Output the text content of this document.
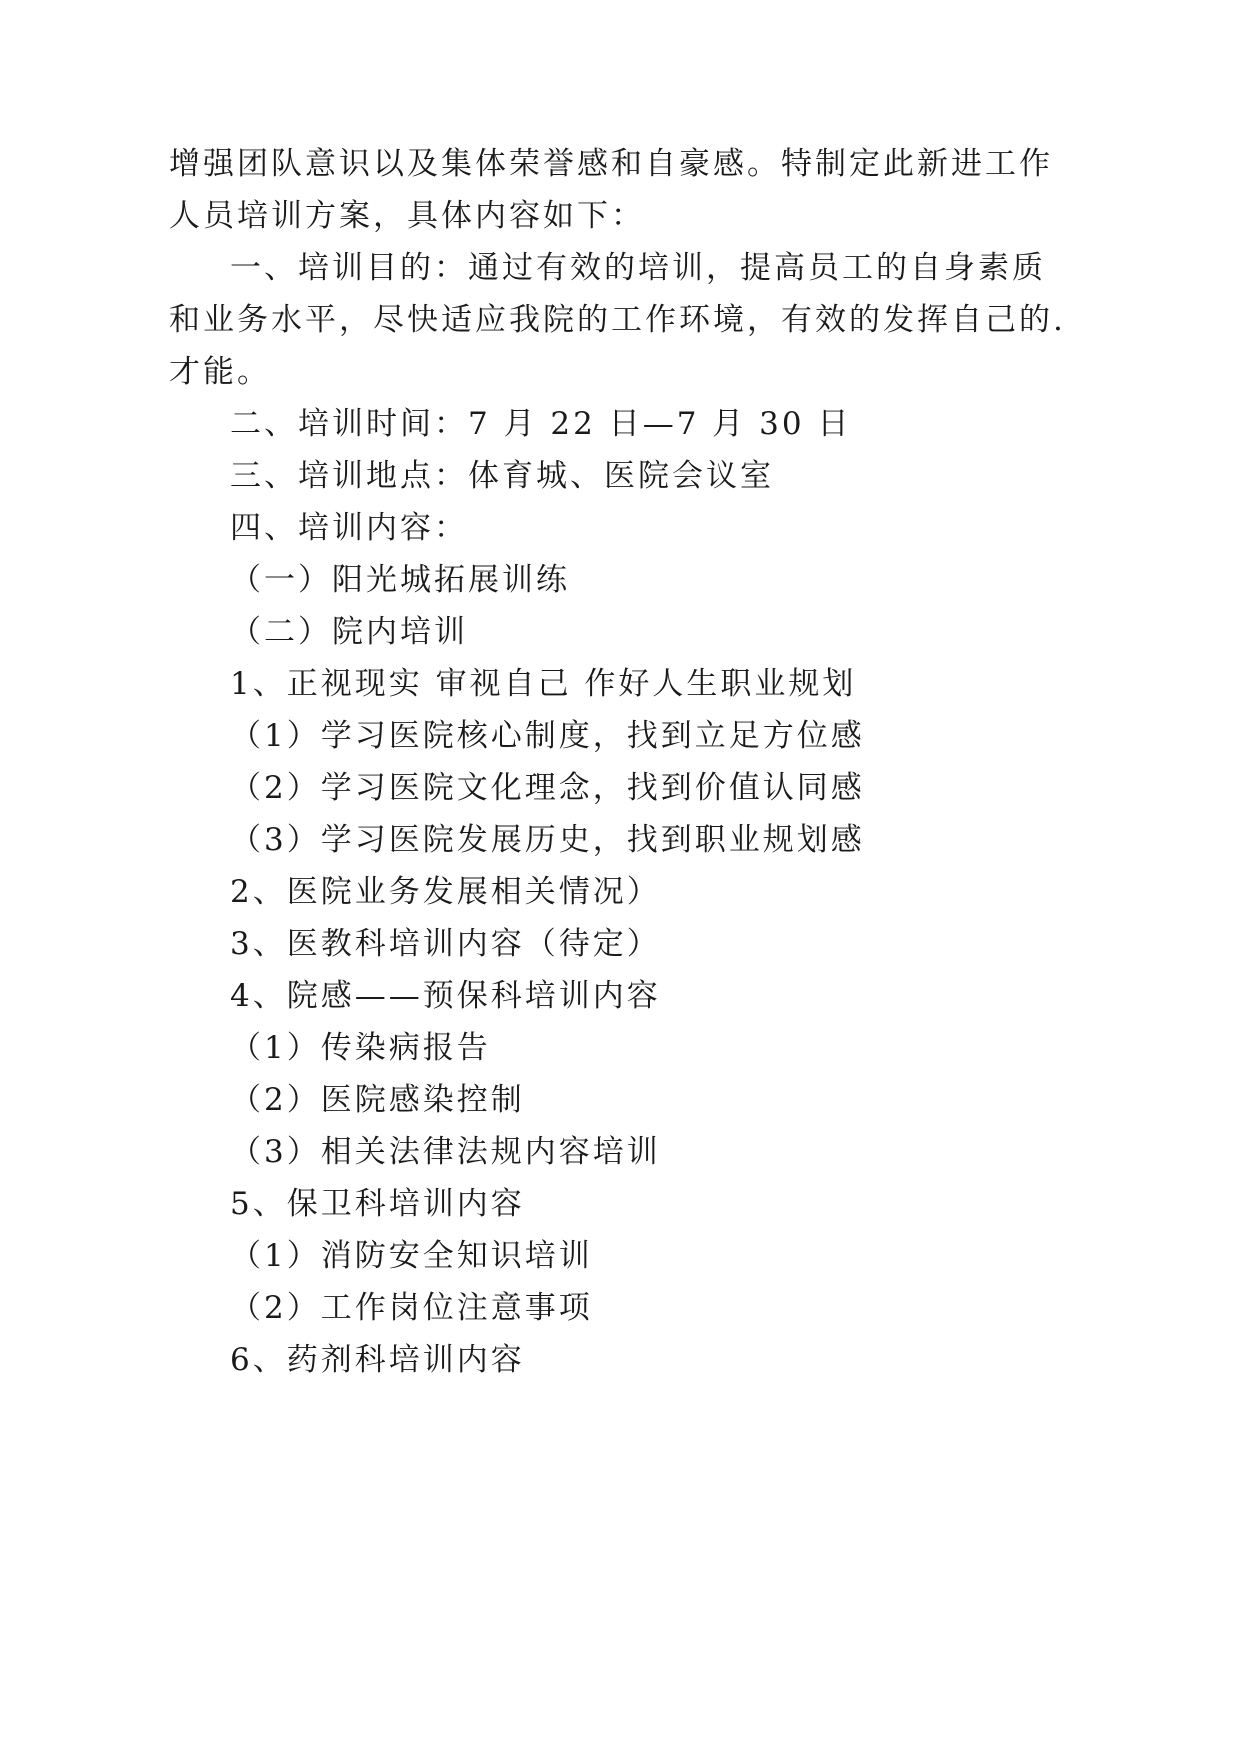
增强团队意识以及集体荣誉感和自豪感。特制定此新进工作
人员培训方案，具体内容如下：
一、培训目的：通过有效的培训，提高员工的自身素质
和业务水平，尽快适应我院的工作环境，有效的发挥自己的.
才能。
二、培训时间：7 月 22 日—7 月 30 日
三、培训地点：体育城、医院会议室
四、培训内容：
（一）阳光城拓展训练
（二）院内培训
1、正视现实 审视自己 作好人生职业规划
（1）学习医院核心制度，找到立足方位感
（2）学习医院文化理念，找到价值认同感
（3）学习医院发展历史，找到职业规划感
2、医院业务发展相关情况）
3、医教科培训内容（待定）
4、院感——预保科培训内容
（1）传染病报告
（2）医院感染控制
（3）相关法律法规内容培训
5、保卫科培训内容
（1）消防安全知识培训
（2）工作岗位注意事项
6、药剂科培训内容
